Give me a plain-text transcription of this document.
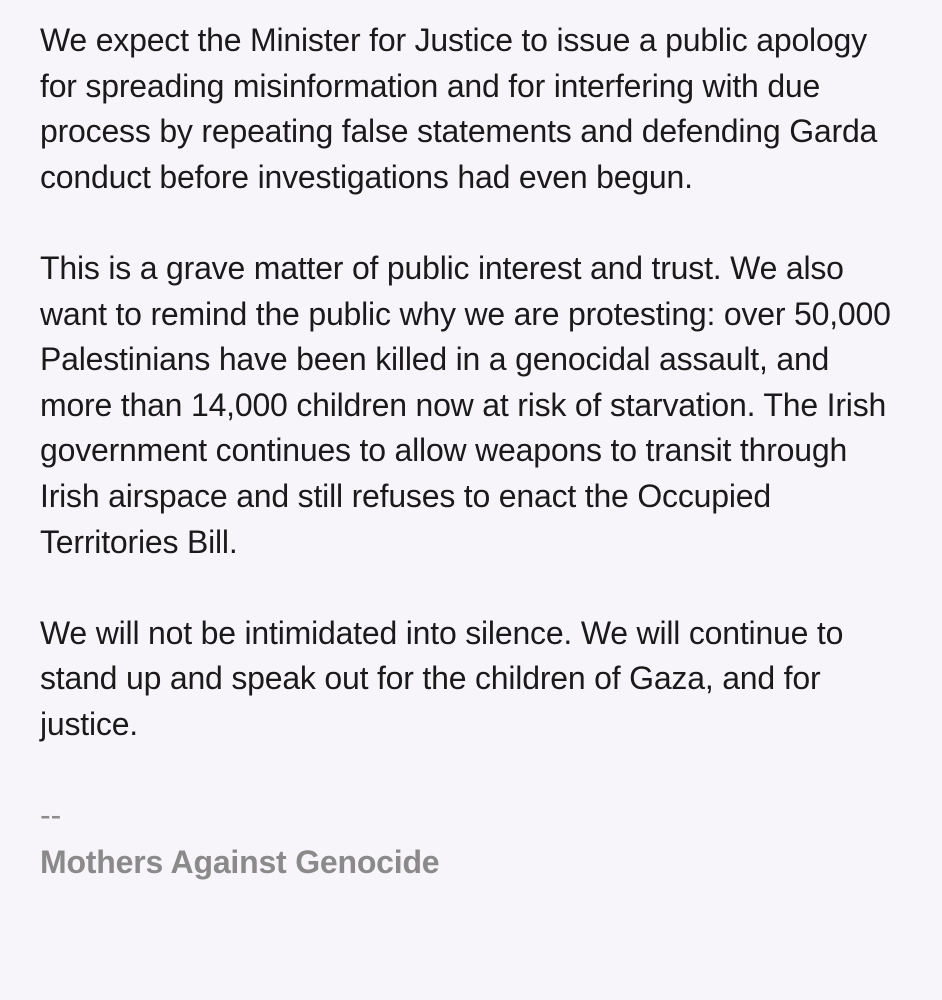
We expect the Minister for Justice to issue a public apology for spreading misinformation and for interfering with due process by repeating false statements and defending Garda conduct before investigations had even begun.

This is a grave matter of public interest and trust. We also want to remind the public why we are protesting: over 50,000 Palestinians have been killed in a genocidal assault, and more than 14,000 children now at risk of starvation. The Irish government continues to allow weapons to transit through Irish airspace and still refuses to enact the Occupied Territories Bill.

We will not be intimidated into silence. We will continue to stand up and speak out for the children of Gaza, and for justice.

--
Mothers Against Genocide
